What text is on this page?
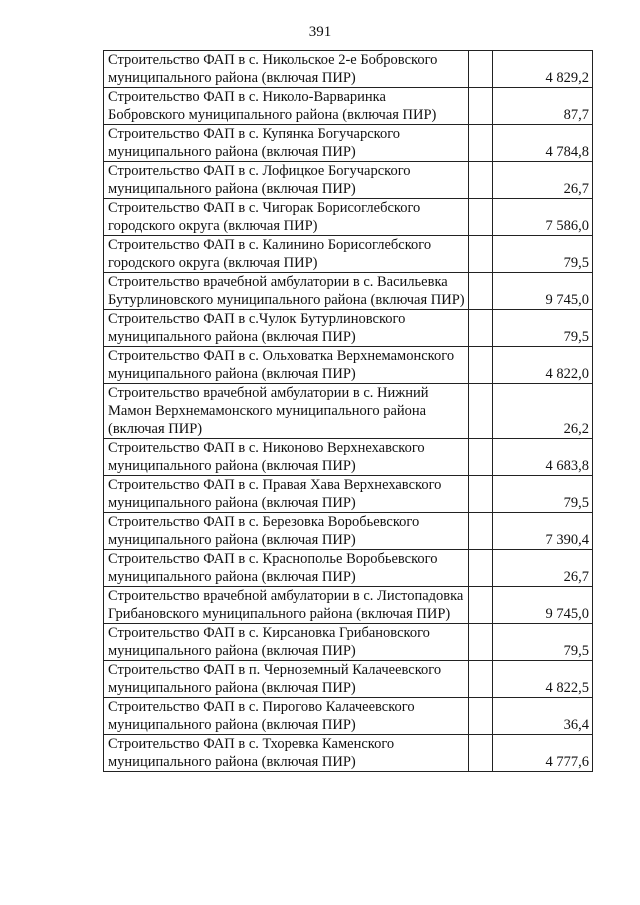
391
Строительство ФАП в с. Никольское 2-е Бобровского муниципального района (включая ПИР)		4 829,2
Строительство ФАП в с. Николо-Варваринка Бобровского муниципального района (включая ПИР)		87,7
Строительство ФАП в с. Купянка Богучарского муниципального района (включая ПИР)		4 784,8
Строительство ФАП в с. Лофицкое Богучарского муниципального района (включая ПИР)		26,7
Строительство ФАП в с. Чигорак Борисоглебского городского округа (включая ПИР)		7 586,0
Строительство ФАП в с. Калинино Борисоглебского городского округа (включая ПИР)		79,5
Строительство врачебной амбулатории в с. Васильевка Бутурлиновского муниципального района (включая ПИР)		9 745,0
Строительство ФАП в с.Чулок Бутурлиновского муниципального района (включая ПИР)		79,5
Строительство ФАП в с. Ольховатка Верхнемамонского муниципального района (включая ПИР)		4 822,0
Строительство врачебной амбулатории в с. Нижний Мамон Верхнемамонского муниципального района (включая ПИР)		26,2
Строительство ФАП в с. Никоново Верхнехавского муниципального района (включая ПИР)		4 683,8
Строительство ФАП в с. Правая Хава Верхнехавского муниципального района (включая ПИР)		79,5
Строительство ФАП в с. Березовка Воробьевского муниципального района (включая ПИР)		7 390,4
Строительство ФАП в с. Краснополье Воробьевского муниципального района (включая ПИР)		26,7
Строительство врачебной амбулатории в с. Листопадовка Грибановского муниципального района (включая ПИР)		9 745,0
Строительство ФАП в с. Кирсановка Грибановского муниципального района (включая ПИР)		79,5
Строительство ФАП в п. Черноземный Калачеевского муниципального района (включая ПИР)		4 822,5
Строительство ФАП в с. Пирогово Калачеевского муниципального района (включая ПИР)		36,4
Строительство ФАП в с. Тхоревка Каменского муниципального района (включая ПИР)		4 777,6
